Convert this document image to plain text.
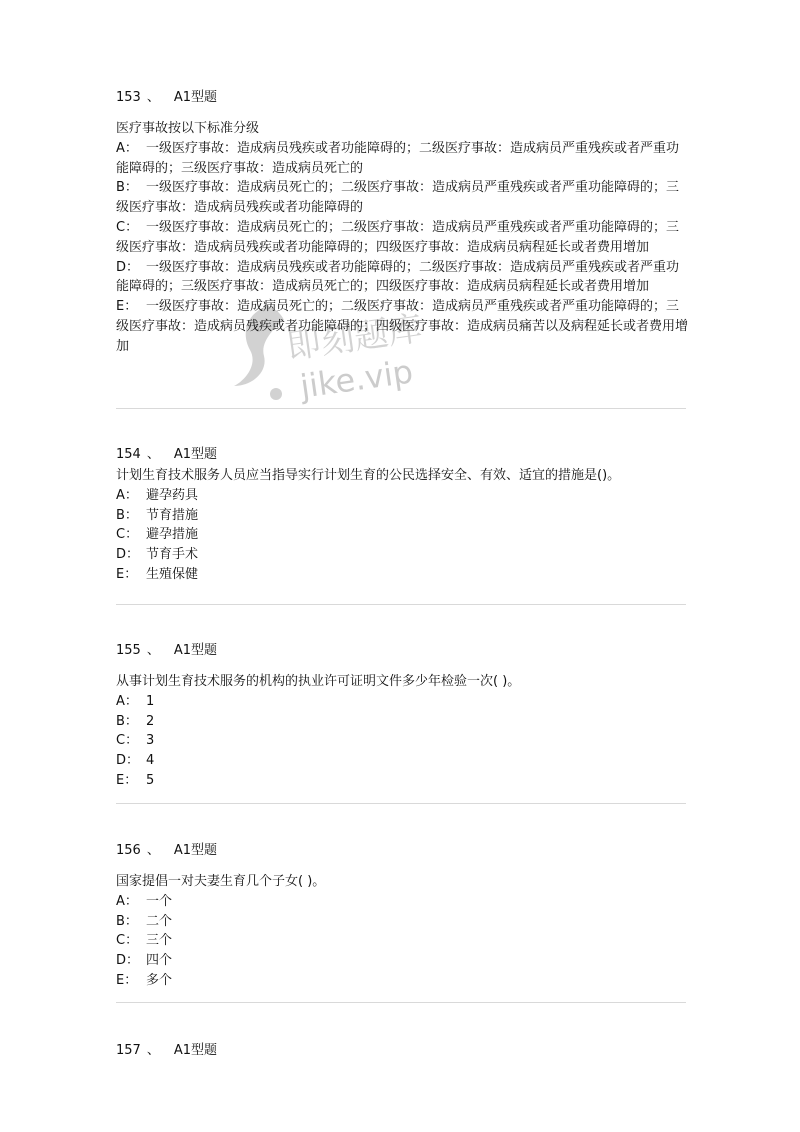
即刻题库
jike.vip
153 、 A1型题
医疗事故按以下标准分级
A： 一级医疗事故：造成病员残疾或者功能障碍的；二级医疗事故：造成病员严重残疾或者严重功能障碍的；三级医疗事故：造成病员死亡的
B： 一级医疗事故：造成病员死亡的；二级医疗事故：造成病员严重残疾或者严重功能障碍的；三级医疗事故：造成病员残疾或者功能障碍的
C： 一级医疗事故：造成病员死亡的；二级医疗事故：造成病员严重残疾或者严重功能障碍的；三级医疗事故：造成病员残疾或者功能障碍的；四级医疗事故：造成病员病程延长或者费用增加
D： 一级医疗事故：造成病员残疾或者功能障碍的；二级医疗事故：造成病员严重残疾或者严重功能障碍的；三级医疗事故：造成病员死亡的；四级医疗事故：造成病员病程延长或者费用增加
E： 一级医疗事故：造成病员死亡的；二级医疗事故：造成病员严重残疾或者严重功能障碍的；三级医疗事故：造成病员残疾或者功能障碍的；四级医疗事故：造成病员痛苦以及病程延长或者费用增加
154 、 A1型题
计划生育技术服务人员应当指导实行计划生育的公民选择安全、有效、适宜的措施是()。
A： 避孕药具
B： 节育措施
C： 避孕措施
D： 节育手术
E： 生殖保健
155 、 A1型题
从事计划生育技术服务的机构的执业许可证明文件多少年检验一次( )。
A： 1
B： 2
C： 3
D： 4
E： 5
156 、 A1型题
国家提倡一对夫妻生育几个子女( )。
A： 一个
B： 二个
C： 三个
D： 四个
E： 多个
157 、 A1型题
